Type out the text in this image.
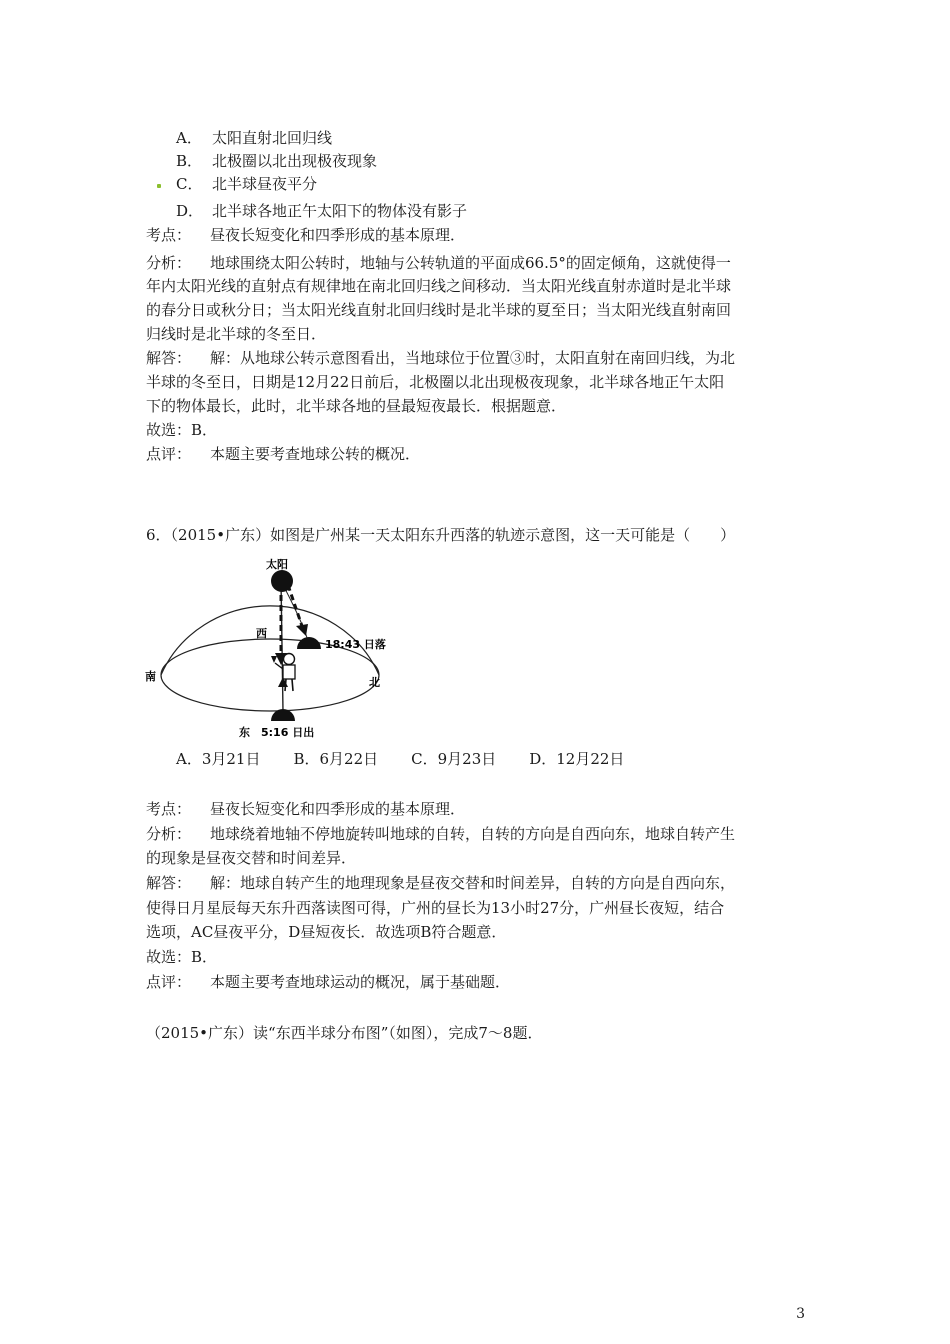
A． 太阳直射北回归线
B． 北极圈以北出现极夜现象
C． 北半球昼夜平分
D． 北半球各地正午太阳下的物体没有影子
考点： 昼夜长短变化和四季形成的基本原理．
分析： 地球围绕太阳公转时，地轴与公转轨道的平面成66.5°的固定倾角，这就使得一
年内太阳光线的直射点有规律地在南北回归线之间移动．当太阳光线直射赤道时是北半球
的春分日或秋分日；当太阳光线直射北回归线时是北半球的夏至日；当太阳光线直射南回
归线时是北半球的冬至日．
解答： 解：从地球公转示意图看出，当地球位于位置③时，太阳直射在南回归线，为北
半球的冬至日，日期是12月22日前后，北极圈以北出现极夜现象，北半球各地正午太阳
下的物体最长，此时，北半球各地的昼最短夜最长．根据题意．
故选：B．
点评： 本题主要考查地球公转的概况．
6．（2015•广东）如图是广州某一天太阳东升西落的轨迹示意图，这一天可能是（　　）
太阳
西
18:43 日落
南	北
东 5:16 日出
A．3月21日 B．6月22日 C．9月23日 D．12月22日
考点： 昼夜长短变化和四季形成的基本原理．
分析： 地球绕着地轴不停地旋转叫地球的自转，自转的方向是自西向东，地球自转产生
的现象是昼夜交替和时间差异．
解答： 解：地球自转产生的地理现象是昼夜交替和时间差异，自转的方向是自西向东，
使得日月星辰每天东升西落读图可得，广州的昼长为13小时27分，广州昼长夜短，结合
选项，AC昼夜平分，D昼短夜长．故选项B符合题意．
故选：B．
点评： 本题主要考查地球运动的概况，属于基础题．
（2015•广东）读“东西半球分布图”（如图），完成7～8题．
3
